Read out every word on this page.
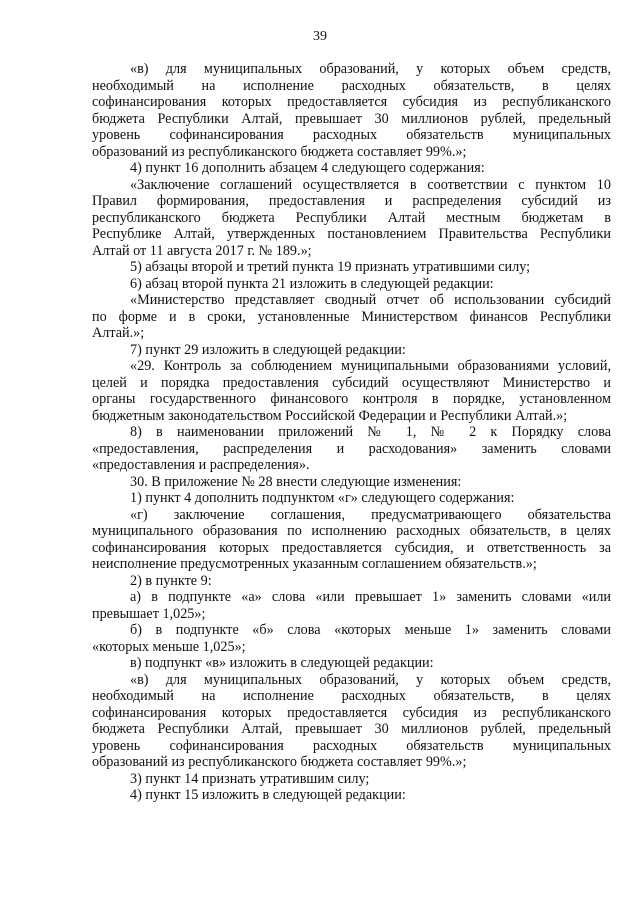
39
«в) для муниципальных образований, у которых объем средств,
необходимый на исполнение расходных обязательств, в целях
софинансирования которых предоставляется субсидия из республиканского
бюджета Республики Алтай, превышает 30 миллионов рублей, предельный
уровень софинансирования расходных обязательств муниципальных
образований из республиканского бюджета составляет 99%.»;
4) пункт 16 дополнить абзацем 4 следующего содержания:
«Заключение соглашений осуществляется в соответствии с пунктом 10
Правил формирования, предоставления и распределения субсидий из
республиканского бюджета Республики Алтай местным бюджетам в
Республике Алтай, утвержденных постановлением Правительства Республики
Алтай от 11 августа 2017 г. № 189.»;
5) абзацы второй и третий пункта 19 признать утратившими силу;
6) абзац второй пункта 21 изложить в следующей редакции:
«Министерство представляет сводный отчет об использовании субсидий
по форме и в сроки, установленные Министерством финансов Республики
Алтай.»;
7) пункт 29 изложить в следующей редакции:
«29. Контроль за соблюдением муниципальными образованиями условий,
целей и порядка предоставления субсидий осуществляют Министерство и
органы государственного финансового контроля в порядке, установленном
бюджетным законодательством Российской Федерации и Республики Алтай.»;
8) в наименовании приложений № 1, № 2 к Порядку слова
«предоставления, распределения и расходования» заменить словами
«предоставления и распределения».
30. В приложение № 28 внести следующие изменения:
1) пункт 4 дополнить подпунктом «г» следующего содержания:
«г) заключение соглашения, предусматривающего обязательства
муниципального образования по исполнению расходных обязательств, в целях
софинансирования которых предоставляется субсидия, и ответственность за
неисполнение предусмотренных указанным соглашением обязательств.»;
2) в пункте 9:
а) в подпункте «а» слова «или превышает 1» заменить словами «или
превышает 1,025»;
б) в подпункте «б» слова «которых меньше 1» заменить словами
«которых меньше 1,025»;
в) подпункт «в» изложить в следующей редакции:
«в) для муниципальных образований, у которых объем средств,
необходимый на исполнение расходных обязательств, в целях
софинансирования которых предоставляется субсидия из республиканского
бюджета Республики Алтай, превышает 30 миллионов рублей, предельный
уровень софинансирования расходных обязательств муниципальных
образований из республиканского бюджета составляет 99%.»;
3) пункт 14 признать утратившим силу;
4) пункт 15 изложить в следующей редакции:
